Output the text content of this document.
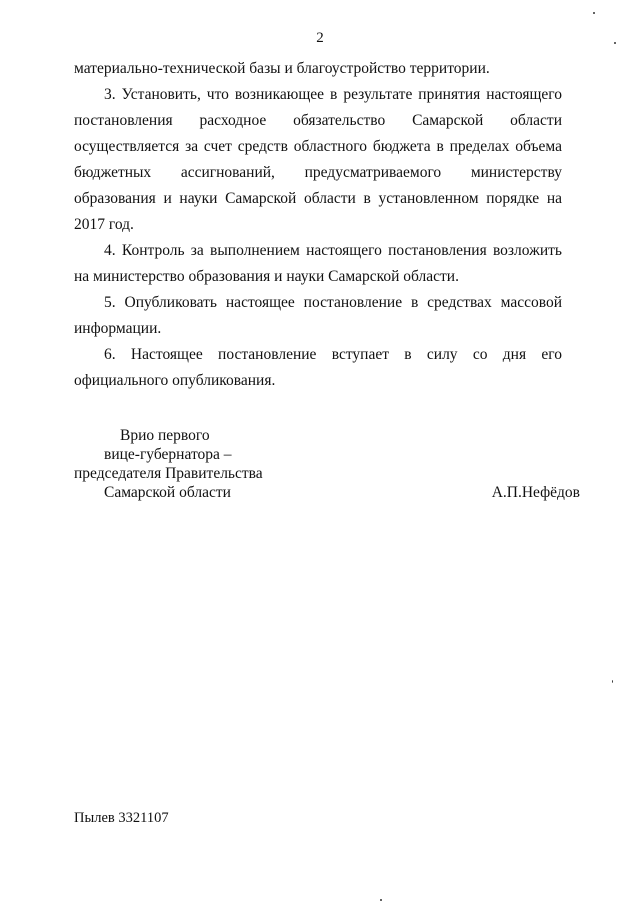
2

материально-технической базы и благоустройство территории.

3. Установить, что возникающее в результате принятия настоящего постановления расходное обязательство Самарской области осуществляется за счет средств областного бюджета в пределах объема бюджетных ассигнований, предусматриваемого министерству образования и науки Самарской области в установленном порядке на 2017 год.

4. Контроль за выполнением настоящего постановления возложить на министерство образования и науки Самарской области.

5. Опубликовать настоящее постановление в средствах массовой информации.

6. Настоящее постановление вступает в силу со дня его официального опубликования.

Врио первого
вице-губернатора –
председателя Правительства
Самарской области	А.П.Нефёдов
Пылев 3321107
